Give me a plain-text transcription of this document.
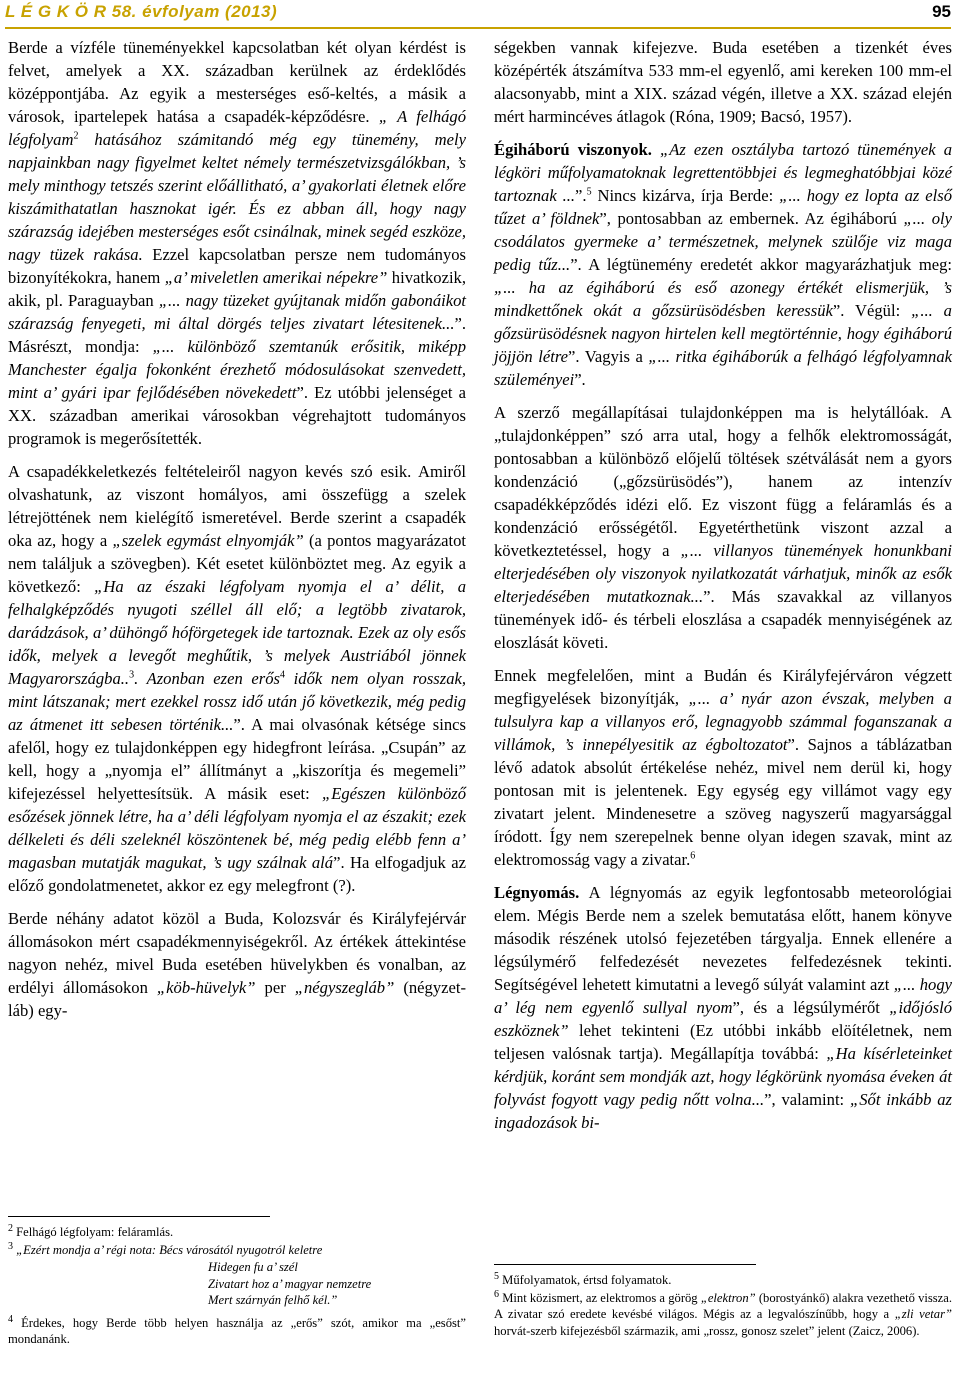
L É G K Ö R 58. évfolyam (2013)	95

Berde a vízféle tüneményekkel kapcsolatban két olyan kérdést is felvet, amelyek a XX. században kerülnek az érdeklődés középpontjába. Az egyik a mesterséges eső-keltés, a másik a városok, ipartelepek hatása a csapadék-képződésre. „ A felhágó légfolyam$^2$ hatásához számitandó még egy tünemény, mely napjainkban nagy figyelmet keltet némely természetvizsgálókban, ’s mely minthogy tetszés szerint előállitható, a’ gyakorlati életnek előre kiszámithatatlan hasznokat igér. És ez abban áll, hogy nagy szárazság idejében mesterséges esőt csinálnak, minek segéd eszköze, nagy tüzek rakása. Ezzel kapcsolatban persze nem tudományos bizonyítékokra, hanem „a’ miveletlen amerikai népekre” hivatkozik, akik, pl. Paraguayban „... nagy tüzeket gyújtanak midőn gabonáikot szárazság fenyegeti, mi által dörgés teljes zivatart létesitenek...”. Másrészt, mondja: „... különböző szemtanúk erősitik, miképp Manchester égalja fokonként érezhető módosulásokat szenvedett, mint a’ gyári ipar fejlődésében növekedett”. Ez utóbbi jelenséget a XX. században amerikai városokban végrehajtott tudományos programok is megerősítették.

A csapadékkeletkezés feltételeiről nagyon kevés szó esik. Amiről olvashatunk, az viszont homályos, ami összefügg a szelek létrejöttének nem kielégítő ismeretével. Berde szerint a csapadék oka az, hogy a „szelek egymást elnyomják” (a pontos magyarázatot nem találjuk a szövegben). Két esetet különböztet meg. Az egyik a következő: „Ha az északi légfolyam nyomja el a’ délit, a felhalgképződés nyugoti széllel áll elő; a legtöbb zivatarok, darádzások, a’ dühöngő hóförgetegek ide tartoznak. Ezek az oly esős idők, melyek a levegőt meghűtik, ’s melyek Austriából jönnek Magyarországba..$^3$. Azonban ezen erős$^4$ idők nem olyan rosszak, mint látszanak; mert ezekkel rossz idő után jő következik, még pedig az átmenet itt sebesen történik...”. A mai olvasónak kétsége sincs afelől, hogy ez tulajdonképpen egy hidegfront leírása. „Csupán” az kell, hogy a „nyomja el” állítmányt a „kiszorítja és megemeli” kifejezéssel helyettesítsük. A másik eset: „Egészen különböző esőzések jönnek létre, ha a’ déli légfolyam nyomja el az északit; ezek délkeleti és déli szeleknél köszöntenek bé, még pedig elébb fenn a’ magasban mutatják magukat, ’s ugy szálnak alá”. Ha elfogadjuk az előző gondolatmenetet, akkor ez egy melegfront (?).

Berde néhány adatot közöl a Buda, Kolozsvár és Királyfejérvár állomásokon mért csapadékmennyiségekről. Az értékek áttekintése nagyon nehéz, mivel Buda esetében hüvelykben és vonalban, az erdélyi állomásokon „köb-hüvelyk” per „négyszegláb” (négyzet-láb) egy-

ségekben vannak kifejezve. Buda esetében a tizenkét éves középérték átszámítva 533 mm-el egyenlő, ami kereken 100 mm-el alacsonyabb, mint a XIX. század végén, illetve a XX. század elején mért harmincéves átlagok (Róna, 1909; Bacsó, 1957).

Égiháború viszonyok. „Az ezen osztályba tartozó tünemények a légköri műfolyamatoknak legrettentöbbjei és legmeghatóbbjai közé tartoznak ...”.$^5$ Nincs kizárva, írja Berde: „... hogy ez lopta az első tűzet a’ földnek”, pontosabban az embernek. Az égiháború „... oly csodálatos gyermeke a’ természetnek, melynek szülője viz maga pedig tűz...”. A légtünemény eredetét akkor magyarázhatjuk meg: „... ha az égiháború és eső azonegy értékét elismerjük, ’s mindkettőnek okát a gőzsürüsödésben keressük”. Végül: „... a gőzsürüsödésnek nagyon hirtelen kell megtörténnie, hogy égiháború jöjjön létre”. Vagyis a „... ritka égiháborúk a felhágó légfolyamnak szüleményei”.

A szerző megállapításai tulajdonképpen ma is helytállóak. A „tulajdonképpen” szó arra utal, hogy a felhők elektromosságát, pontosabban a különböző előjelű töltések szétválását nem a gyors kondenzáció („gőzsürüsödés”), hanem az intenzív csapadékképződés idézi elő. Ez viszont függ a feláramlás és a kondenzáció erősségétől. Egyetérthetünk viszont azzal a következtetéssel, hogy a „... villanyos tünemények honunkbani elterjedésében oly viszonyok nyilatkozatát várhatjuk, minők az esők elterjedésében mutatkoznak...”. Más szavakkal az villanyos tünemények idő- és térbeli eloszlása a csapadék mennyiségének az eloszlását követi.

Ennek megfelelően, mint a Budán és Királyfejérváron végzett megfigyelések bizonyítják, „... a’ nyár azon évszak, melyben a tulsulyra kap a villanyos erő, legnagyobb számmal foganszanak a villámok, ’s innepélyesitik az égboltozatot”. Sajnos a táblázatban lévő adatok absolút értékelése nehéz, mivel nem derül ki, hogy pontosan mit is jelentenek. Egy egység egy villámot vagy egy zivatart jelent. Mindenesetre a szöveg nagyszerű magyarsággal íródott. Így nem szerepelnek benne olyan idegen szavak, mint az elektromosság vagy a zivatar.$^6$

Légnyomás. A légnyomás az egyik legfontosabb meteorológiai elem. Mégis Berde nem a szelek bemutatása előtt, hanem könyve második részének utolsó fejezetében tárgyalja. Ennek ellenére a légsúlymérő felfedezését nevezetes felfedezésnek tekinti. Segítségével lehetett kimutatni a levegő súlyát valamint azt „... hogy a’ lég nem egyenlő sullyal nyom”, és a légsúlymérőt „időjósló eszköznek” lehet tekinteni (Ez utóbbi inkább elöítéletnek, nem teljesen valósnak tartja). Megállapítja továbbá: „Ha kísérleteinket kérdjük, koránt sem mondják azt, hogy légkörünk nyomása éveken át folyvást fogyott vagy pedig nőtt volna...”, valamint: „Sőt inkább az ingadozások bi-

$^2$ Felhágó légfolyam: feláramlás.

$^3$ „Ezért mondja a’ régi nota: Bécs városától nyugotról keletre

Hidegen fu a’ szél
Zivatart hoz a’ magyar nemzetre
Mert szárnyán felhő kél.”

$^4$ Érdekes, hogy Berde több helyen használja az „erős” szót, amikor ma „esőst” mondanánk.

$^5$ Műfolyamatok, értsd folyamatok.

$^6$ Mint közismert, az elektromos a görög „elektron” (borostyánkő) alakra vezethető vissza. A zivatar szó eredete kevésbé világos. Mégis az a legvalószínűbb, hogy a „zli vetar” horvát-szerb kifejezésből származik, ami „rossz, gonosz szelet” jelent (Zaicz, 2006).
